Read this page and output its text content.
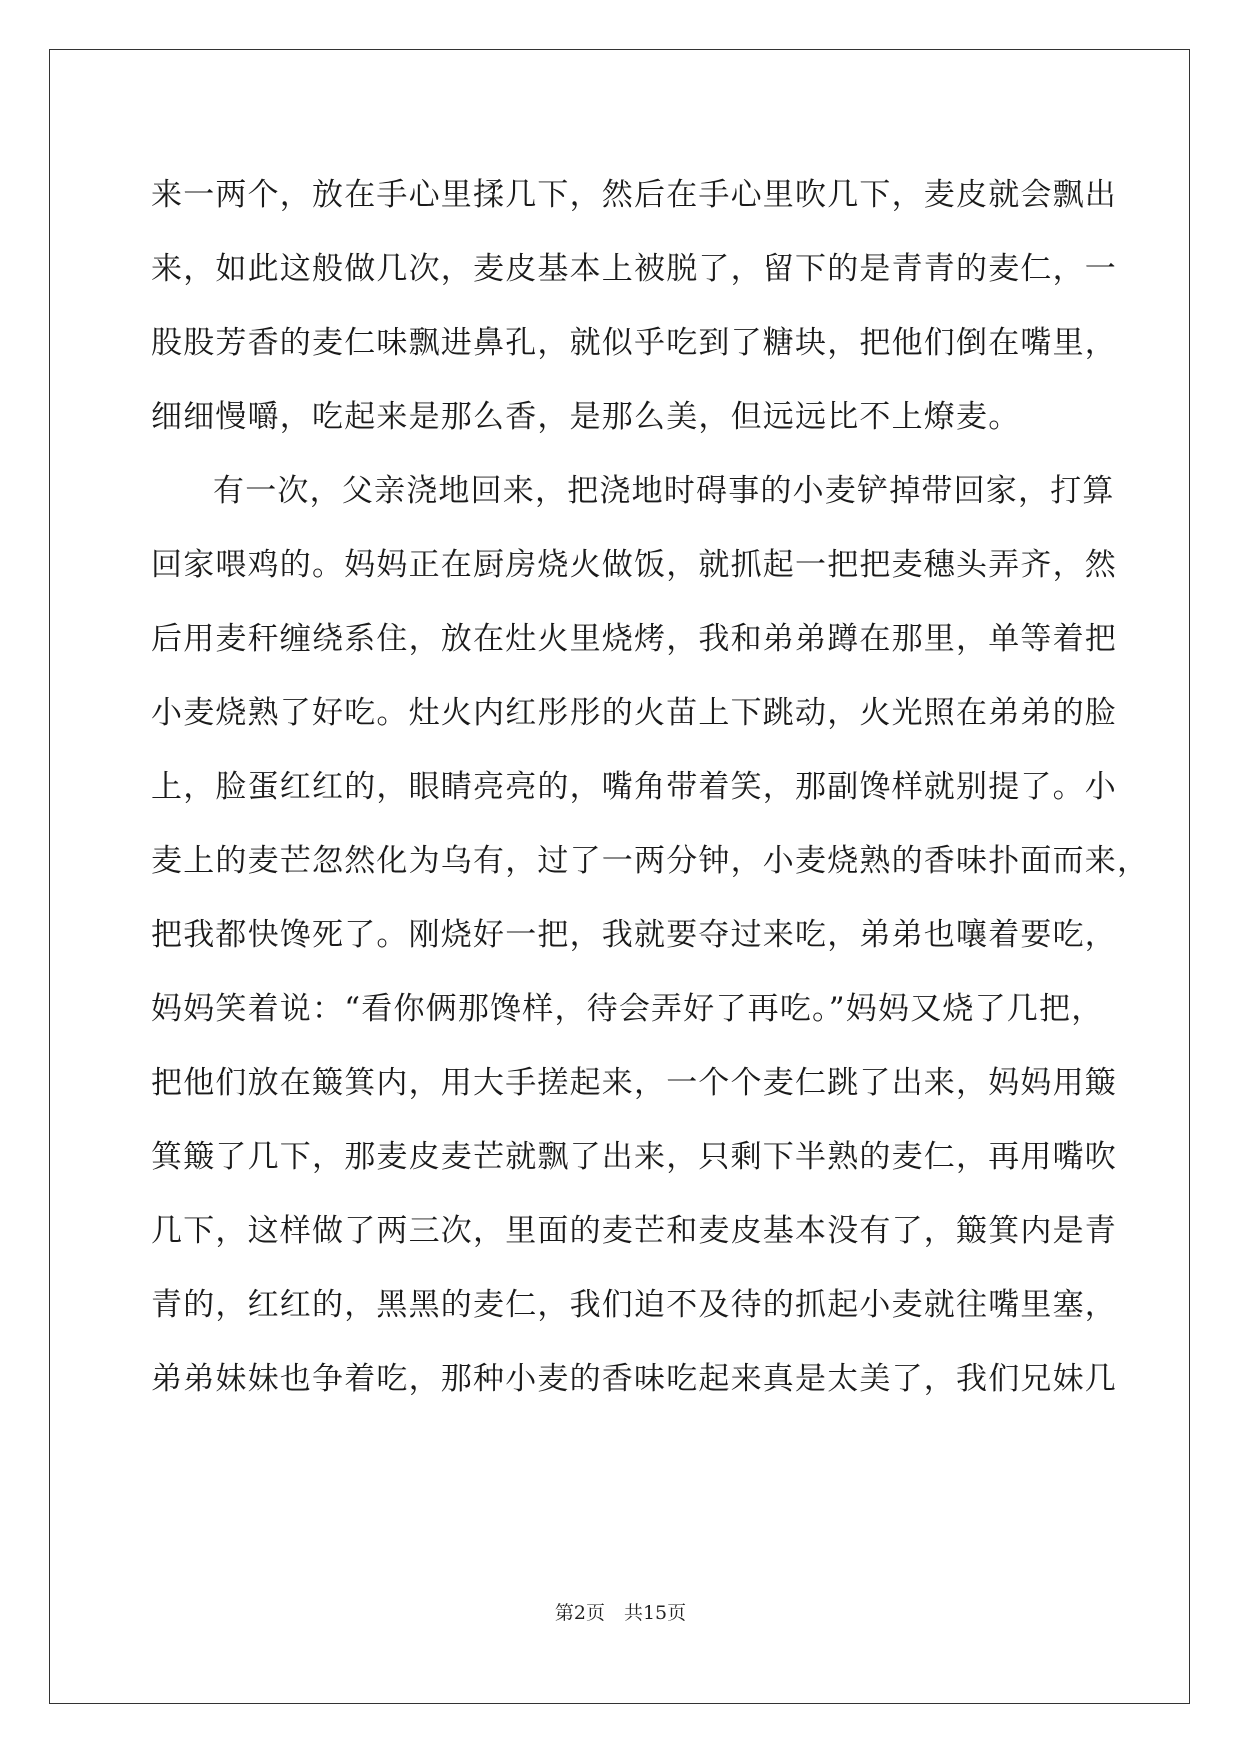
来一两个，放在手心里揉几下，然后在手心里吹几下，麦皮就会飘出
来，如此这般做几次，麦皮基本上被脱了，留下的是青青的麦仁，一
股股芳香的麦仁味飘进鼻孔，就似乎吃到了糖块，把他们倒在嘴里，
细细慢嚼，吃起来是那么香，是那么美，但远远比不上燎麦。
有一次，父亲浇地回来，把浇地时碍事的小麦铲掉带回家，打算
回家喂鸡的。妈妈正在厨房烧火做饭，就抓起一把把麦穗头弄齐，然
后用麦秆缠绕系住，放在灶火里烧烤，我和弟弟蹲在那里，单等着把
小麦烧熟了好吃。灶火内红彤彤的火苗上下跳动，火光照在弟弟的脸
上，脸蛋红红的，眼睛亮亮的，嘴角带着笑，那副馋样就别提了。小
麦上的麦芒忽然化为乌有，过了一两分钟，小麦烧熟的香味扑面而来，
把我都快馋死了。刚烧好一把，我就要夺过来吃，弟弟也嚷着要吃，
妈妈笑着说：“看你俩那馋样，待会弄好了再吃。”妈妈又烧了几把，
把他们放在簸箕内，用大手搓起来，一个个麦仁跳了出来，妈妈用簸
箕簸了几下，那麦皮麦芒就飘了出来，只剩下半熟的麦仁，再用嘴吹
几下，这样做了两三次，里面的麦芒和麦皮基本没有了，簸箕内是青
青的，红红的，黑黑的麦仁，我们迫不及待的抓起小麦就往嘴里塞，
弟弟妹妹也争着吃，那种小麦的香味吃起来真是太美了，我们兄妹几
第2页　共15页
